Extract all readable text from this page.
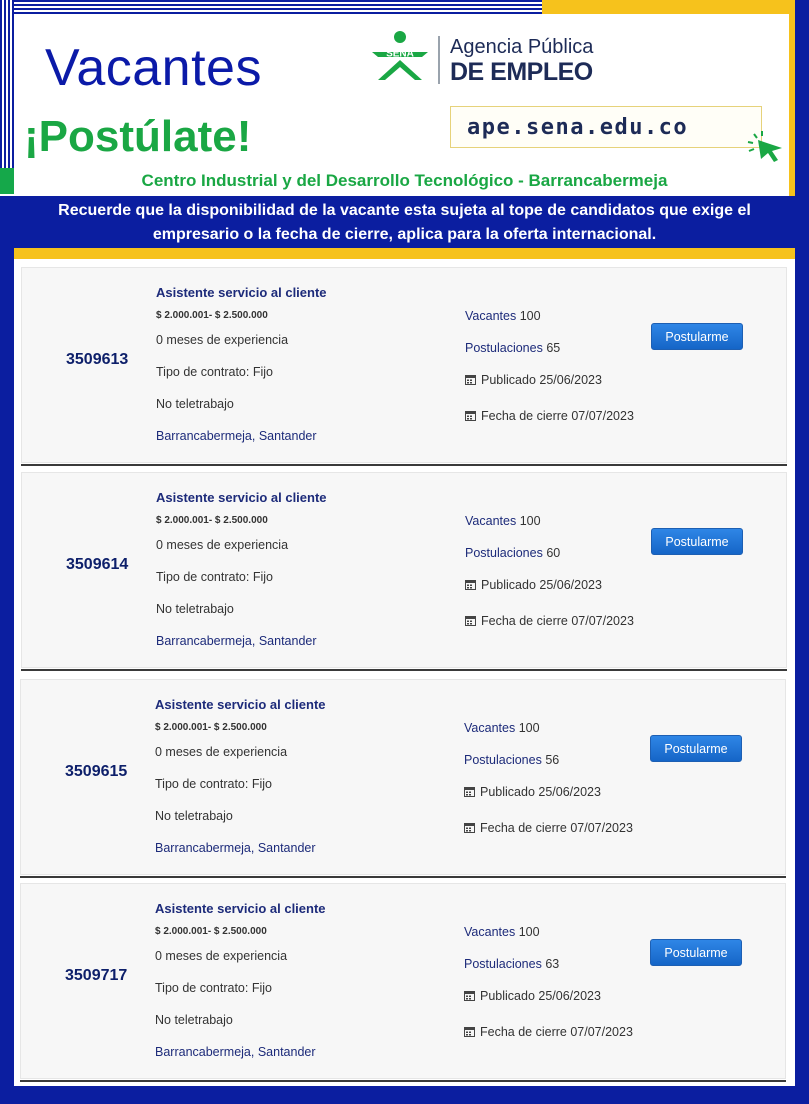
Vacantes
¡Postúlate!
SENA Agencia Pública
DE EMPLEO
ape.sena.edu.co
Centro Industrial y del Desarrollo Tecnológico - Barrancabermeja
Recuerde que la disponibilidad de la vacante esta sujeta al tope de candidatos que exige el empresario o la fecha de cierre, aplica para la oferta internacional.
3509613
Asistente servicio al cliente
$ 2.000.001- $ 2.500.000
0 meses de experiencia
Tipo de contrato: Fijo
No teletrabajo
Barrancabermeja, Santander
Vacantes 100
Postulaciones 65
Publicado 25/06/2023
Fecha de cierre 07/07/2023
Postularme
3509614
Asistente servicio al cliente
$ 2.000.001- $ 2.500.000
0 meses de experiencia
Tipo de contrato: Fijo
No teletrabajo
Barrancabermeja, Santander
Vacantes 100
Postulaciones 60
Publicado 25/06/2023
Fecha de cierre 07/07/2023
Postularme
3509615
Asistente servicio al cliente
$ 2.000.001- $ 2.500.000
0 meses de experiencia
Tipo de contrato: Fijo
No teletrabajo
Barrancabermeja, Santander
Vacantes 100
Postulaciones 56
Publicado 25/06/2023
Fecha de cierre 07/07/2023
Postularme
3509717
Asistente servicio al cliente
$ 2.000.001- $ 2.500.000
0 meses de experiencia
Tipo de contrato: Fijo
No teletrabajo
Barrancabermeja, Santander
Vacantes 100
Postulaciones 63
Publicado 25/06/2023
Fecha de cierre 07/07/2023
Postularme
